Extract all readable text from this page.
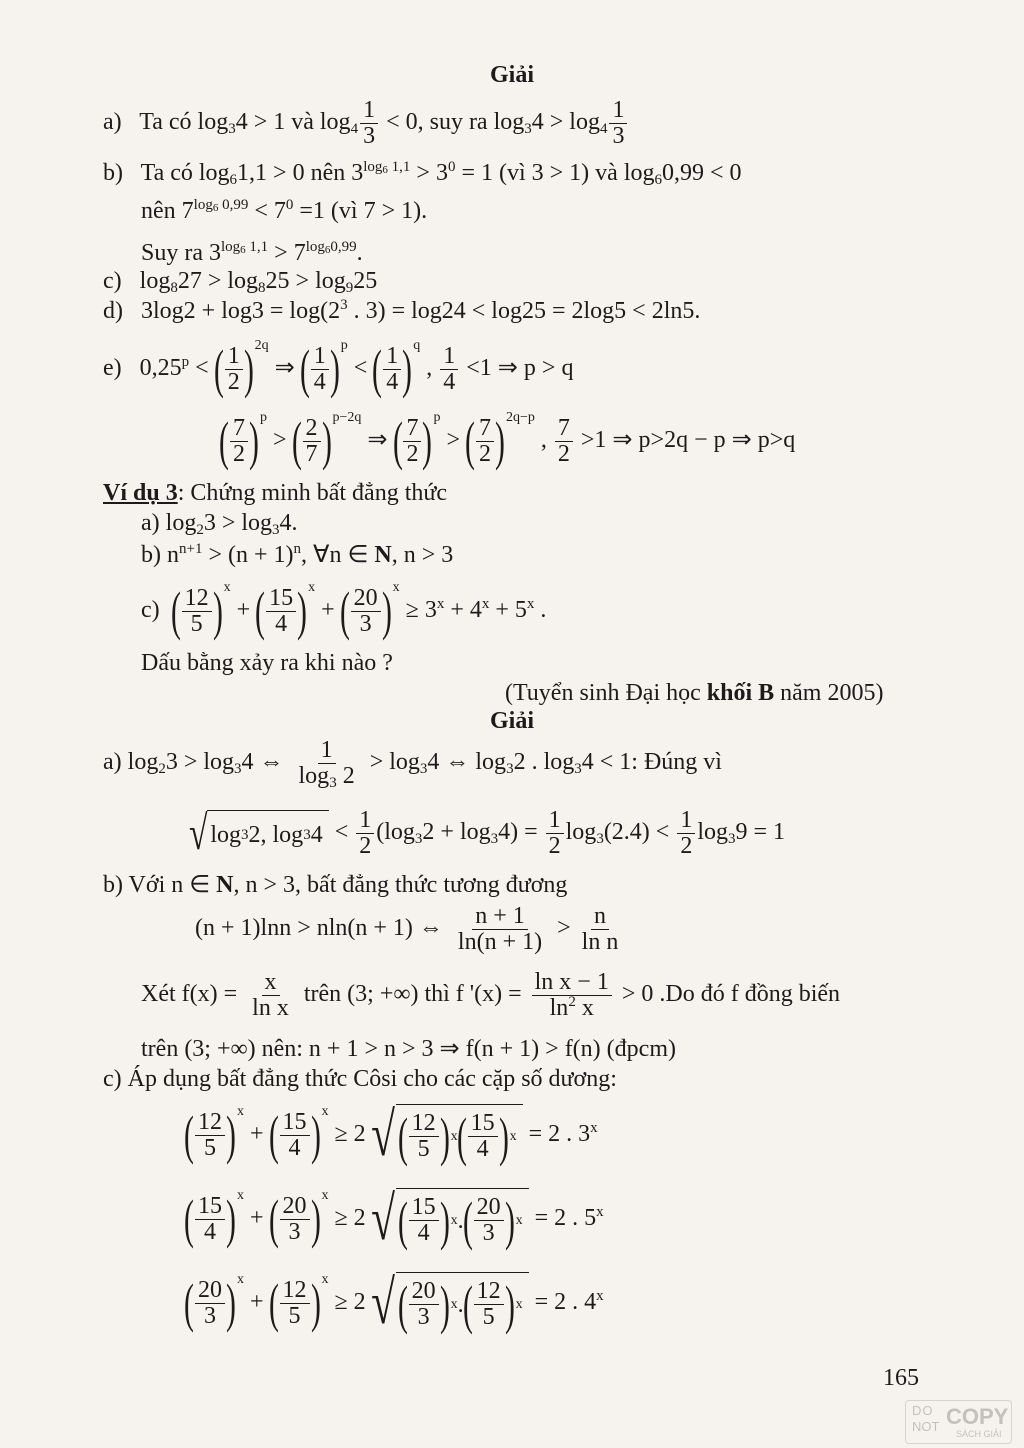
Giải
a) Ta có $\log_34 > 1$ và $\log_4 \frac{1}{3} < 0$, suy ra $\log_34 > \log_4 \frac{1}{3}$
b) Ta có $\log_61,1 > 0$ nên $3^{log_6 1,1} > 3^0 = 1$ (vì 3 > 1) và $\log_60,99 < 0$
nên $7^{log_6 0,99} < 7^0 =1$ (vì 7 > 1).
Suy ra $3^{log_6 1,1} > 7^{log_60,99}$.
c) $\log_827 > \log_825 > \log_925$
d) $3\log 2 + \log 3 = \log(2^3$ . 3) = log24 < log25 = 2log5 < 2ln5.
e) $0,25^p$ < ( $\frac{1}{2}$ ) $^{2q}$ ⇒ ( $\frac{1}{4}$ ) $^p$ < ( $\frac{1}{4}$ ) $^q$ , $\frac{1}{4} <1$ ⇒ p > q
( $\frac{7}{2}$ ) $^p$ > ( $\frac{2}{7}$ ) $^{p-2q}$ ⇒ ( $\frac{7}{2}$ ) $^p$ > ( $\frac{7}{2}$ ) $^{2q-p}$ , $\frac{7}{2} >1$ ⇒ p>2q − p ⇒ p>q
Ví dụ 3: Chứng minh bất đẳng thức
a) $\log_23 > \log_34$.
b) $n^{n+1} > (n + 1)^n$, ∀n ∈ N, n > 3
c) ( $\frac{12}{5}$ ) $^x$ + ( $\frac{15}{4}$ ) $^x$ + ( $\frac{20}{3}$ ) $^x \ge 3^x + 4^x + 5^x$ .
Dấu bằng xảy ra khi nào ?
(Tuyển sinh Đại học khối B năm 2005)
Giải
a) $\log_23 > \log_34$ ⇔ $\frac{1}{\log_3 2} > \log_34$ ⇔ $\log_32$ . $\log_34 < 1$: Đúng vì
√ log 3 2, log 3 $4 < \frac{1}{2} (\log_32 + \log_34) = \frac{1}{2} \log_3(2.4) < \frac{1}{2} \log_39 = 1$
b) Với n ∈ N, n > 3, bất đẳng thức tương đương
(n + 1)lnn > nln(n + 1) ⇔ $\frac{n + 1}{\ln(n + 1)} > \frac{n}{\text{ln n}}$
Xét $f(x) = \frac{x}{\text{ln x}}$ trên (3; +∞) thì f '$(x) = \frac{\text{ln x − 1}}{\ln^2 x} > 0$ .Do đó f đồng biến
trên (3; +∞) nên: n + 1 > n > 3 ⇒ f(n + 1) > f(n) (đpcm)
c) Áp dụng bất đẳng thức Côsi cho các cặp số dương:
( $\frac{12}{5}$ ) $^x$ + ( $\frac{15}{4}$ ) $^x$ ≥ 2 √ ( $\frac{12}{5}$ ) x ( $\frac{15}{4}$ ) x = 2 . 3$^x$
( $\frac{15}{4}$ ) $^x$ + ( $\frac{20}{3}$ ) $^x$ ≥ 2 √ ( $\frac{15}{4}$ ) x . ( $\frac{20}{3}$ ) x = 2 . 5$^x$
( $\frac{20}{3}$ ) $^x$ + ( $\frac{12}{5}$ ) $^x$ ≥ 2 √ ( $\frac{20}{3}$ ) x . ( $\frac{12}{5}$ ) x = 2 . 4$^x$
165
DO
NOT COPY
SÁCH GIẢI
